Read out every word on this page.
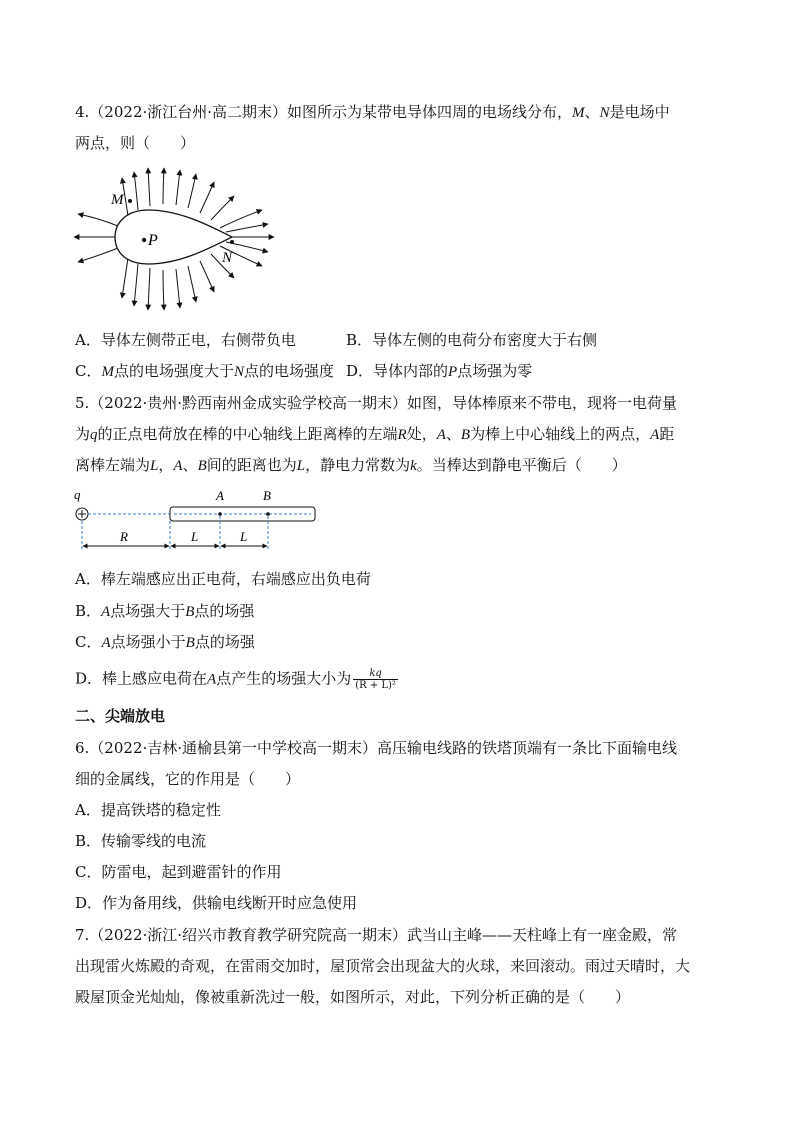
4.（2022·浙江台州·高二期末）如图所示为某带电导体四周的电场线分布，M、N是电场中
两点，则（　　）
P
M
N
A．导体左侧带正电，右侧带负电	B．导体左侧的电荷分布密度大于右侧
C．M点的电场强度大于N点的电场强度 D．导体内部的P点场强为零
5.（2022·贵州·黔西南州金成实验学校高一期末）如图，导体棒原来不带电，现将一电荷量
为q的正点电荷放在棒的中心轴线上距离棒的左端R处，A、B为棒上中心轴线上的两点，A距
离棒左端为L，A、B间的距离也为L，静电力常数为k。当棒达到静电平衡后（　　）
q	A	B
R	L	L
A．棒左端感应出正电荷，右端感应出负电荷
B．A点场强大于B点的场强
C．A点场强小于B点的场强
D．棒上感应电荷在A点产生的场强大小为 $\frac{kq}{\text{(R + L)²}}$
二、尖端放电
6.（2022·吉林·通榆县第一中学校高一期末）高压输电线路的铁塔顶端有一条比下面输电线
细的金属线，它的作用是（　　）
A．提高铁塔的稳定性
B．传输零线的电流
C．防雷电，起到避雷针的作用
D．作为备用线，供输电线断开时应急使用
7.（2022·浙江·绍兴市教育教学研究院高一期末）武当山主峰——天柱峰上有一座金殿，常
出现雷火炼殿的奇观，在雷雨交加时，屋顶常会出现盆大的火球，来回滚动。雨过天晴时，大
殿屋顶金光灿灿，像被重新洗过一般，如图所示，对此，下列分析正确的是（　　）
